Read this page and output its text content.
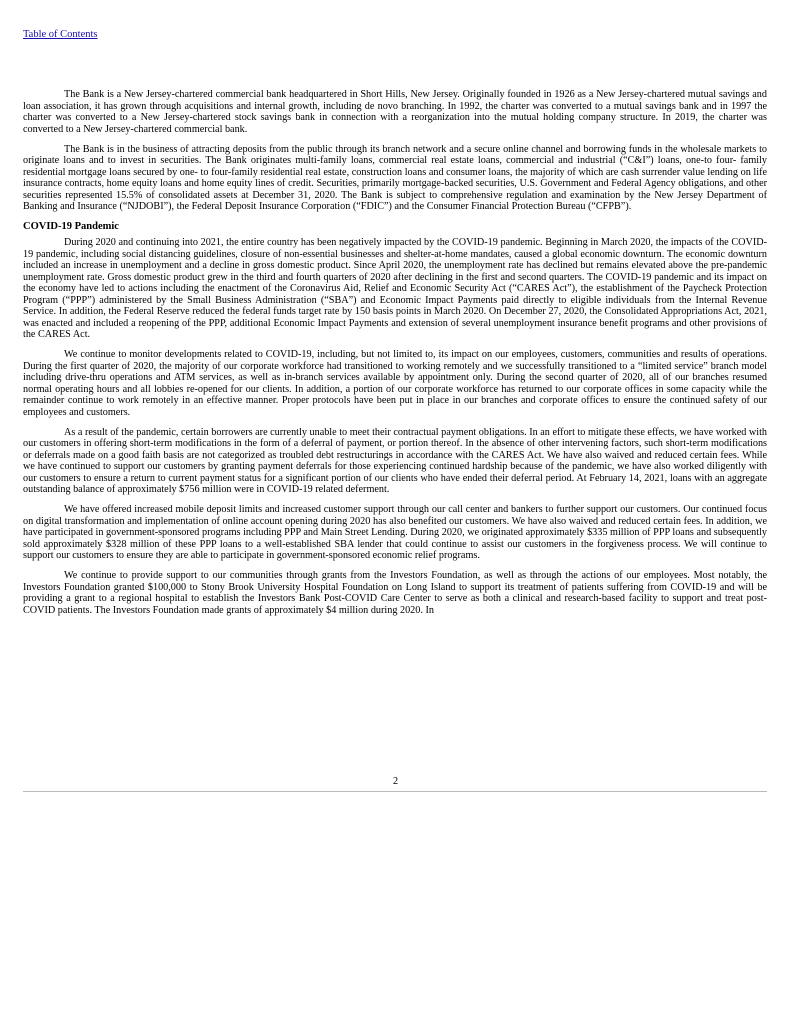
Table of Contents

The Bank is a New Jersey-chartered commercial bank headquartered in Short Hills, New Jersey. Originally founded in 1926 as a New Jersey-chartered mutual savings and loan association, it has grown through acquisitions and internal growth, including de novo branching. In 1992, the charter was converted to a mutual savings bank and in 1997 the charter was converted to a New Jersey-chartered stock savings bank in connection with a reorganization into the mutual holding company structure. In 2019, the charter was converted to a New Jersey-chartered commercial bank.

The Bank is in the business of attracting deposits from the public through its branch network and a secure online channel and borrowing funds in the wholesale markets to originate loans and to invest in securities. The Bank originates multi-family loans, commercial real estate loans, commercial and industrial (“C&I”) loans, one-to four- family residential mortgage loans secured by one- to four-family residential real estate, construction loans and consumer loans, the majority of which are cash surrender value lending on life insurance contracts, home equity loans and home equity lines of credit. Securities, primarily mortgage-backed securities, U.S. Government and Federal Agency obligations, and other securities represented 15.5% of consolidated assets at December 31, 2020. The Bank is subject to comprehensive regulation and examination by the New Jersey Department of Banking and Insurance (“NJDOBI”), the Federal Deposit Insurance Corporation (“FDIC”) and the Consumer Financial Protection Bureau (“CFPB”).

COVID-19 Pandemic

During 2020 and continuing into 2021, the entire country has been negatively impacted by the COVID-19 pandemic. Beginning in March 2020, the impacts of the COVID-19 pandemic, including social distancing guidelines, closure of non-essential businesses and shelter-at-home mandates, caused a global economic downturn. The economic downturn included an increase in unemployment and a decline in gross domestic product. Since April 2020, the unemployment rate has declined but remains elevated above the pre-pandemic unemployment rate. Gross domestic product grew in the third and fourth quarters of 2020 after declining in the first and second quarters. The COVID-19 pandemic and its impact on the economy have led to actions including the enactment of the Coronavirus Aid, Relief and Economic Security Act (“CARES Act”), the establishment of the Paycheck Protection Program (“PPP”) administered by the Small Business Administration (“SBA”) and Economic Impact Payments paid directly to eligible individuals from the Internal Revenue Service. In addition, the Federal Reserve reduced the federal funds target rate by 150 basis points in March 2020. On December 27, 2020, the Consolidated Appropriations Act, 2021, was enacted and included a reopening of the PPP, additional Economic Impact Payments and extension of several unemployment insurance benefit programs and other provisions of the CARES Act.

We continue to monitor developments related to COVID-19, including, but not limited to, its impact on our employees, customers, communities and results of operations. During the first quarter of 2020, the majority of our corporate workforce had transitioned to working remotely and we successfully transitioned to a “limited service” branch model including drive-thru operations and ATM services, as well as in-branch services available by appointment only. During the second quarter of 2020, all of our branches resumed normal operating hours and all lobbies re-opened for our clients. In addition, a portion of our corporate workforce has returned to our corporate offices in some capacity while the remainder continue to work remotely in an effective manner. Proper protocols have been put in place in our branches and corporate offices to ensure the continued safety of our employees and customers.

As a result of the pandemic, certain borrowers are currently unable to meet their contractual payment obligations. In an effort to mitigate these effects, we have worked with our customers in offering short-term modifications in the form of a deferral of payment, or portion thereof. In the absence of other intervening factors, such short-term modifications or deferrals made on a good faith basis are not categorized as troubled debt restructurings in accordance with the CARES Act. We have also waived and reduced certain fees. While we have continued to support our customers by granting payment deferrals for those experiencing continued hardship because of the pandemic, we have also worked diligently with our customers to ensure a return to current payment status for a significant portion of our clients who have ended their deferral period. At February 14, 2021, loans with an aggregate outstanding balance of approximately $756 million were in COVID-19 related deferment.

We have offered increased mobile deposit limits and increased customer support through our call center and bankers to further support our customers. Our continued focus on digital transformation and implementation of online account opening during 2020 has also benefited our customers. We have also waived and reduced certain fees. In addition, we have participated in government-sponsored programs including PPP and Main Street Lending. During 2020, we originated approximately $335 million of PPP loans and subsequently sold approximately $328 million of these PPP loans to a well-established SBA lender that could continue to assist our customers in the forgiveness process. We will continue to support our customers to ensure they are able to participate in government-sponsored economic relief programs.

We continue to provide support to our communities through grants from the Investors Foundation, as well as through the actions of our employees. Most notably, the Investors Foundation granted $100,000 to Stony Brook University Hospital Foundation on Long Island to support its treatment of patients suffering from COVID-19 and will be providing a grant to a regional hospital to establish the Investors Bank Post-COVID Care Center to serve as both a clinical and research-based facility to support and treat post-COVID patients. The Investors Foundation made grants of approximately $4 million during 2020. In

2
